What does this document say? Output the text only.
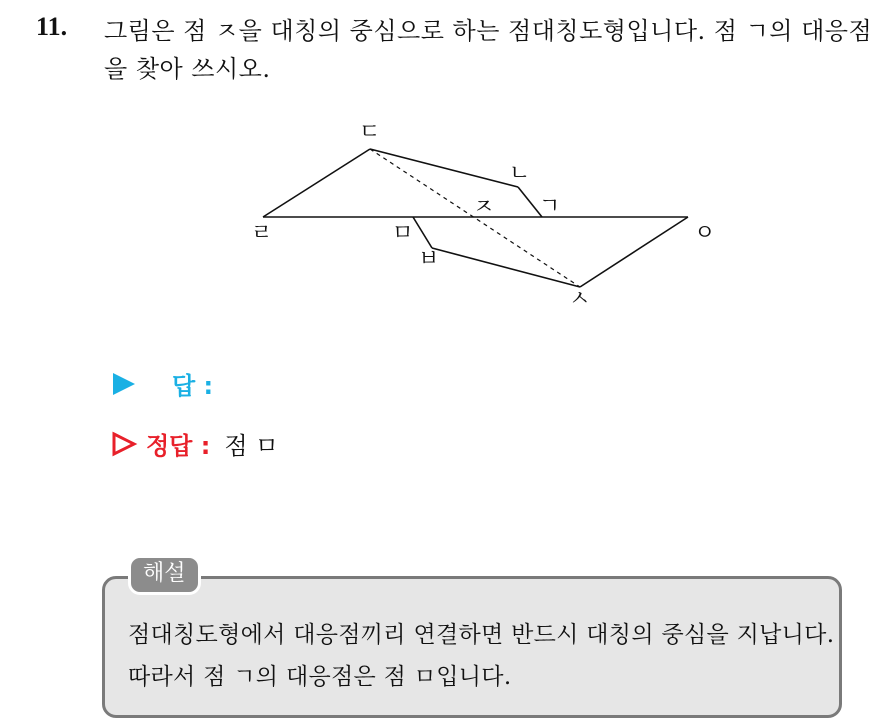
11. 그림은 점 ㅈ을 대칭의 중심으로 하는 점대칭도형입니다. 점 ㄱ의 대응점을 찾아 쓰시오.
ㄷ
ㄴ
ㄱ
ㅈ
ㄹ	ㅁ	ㅇ
ㅂ
ㅅ
답 :
정답 : 점 ㅁ
해설
점대칭도형에서 대응점끼리 연결하면 반드시 대칭의 중심을 지납니다. 따라서 점 ㄱ의 대응점은 점 ㅁ입니다.
